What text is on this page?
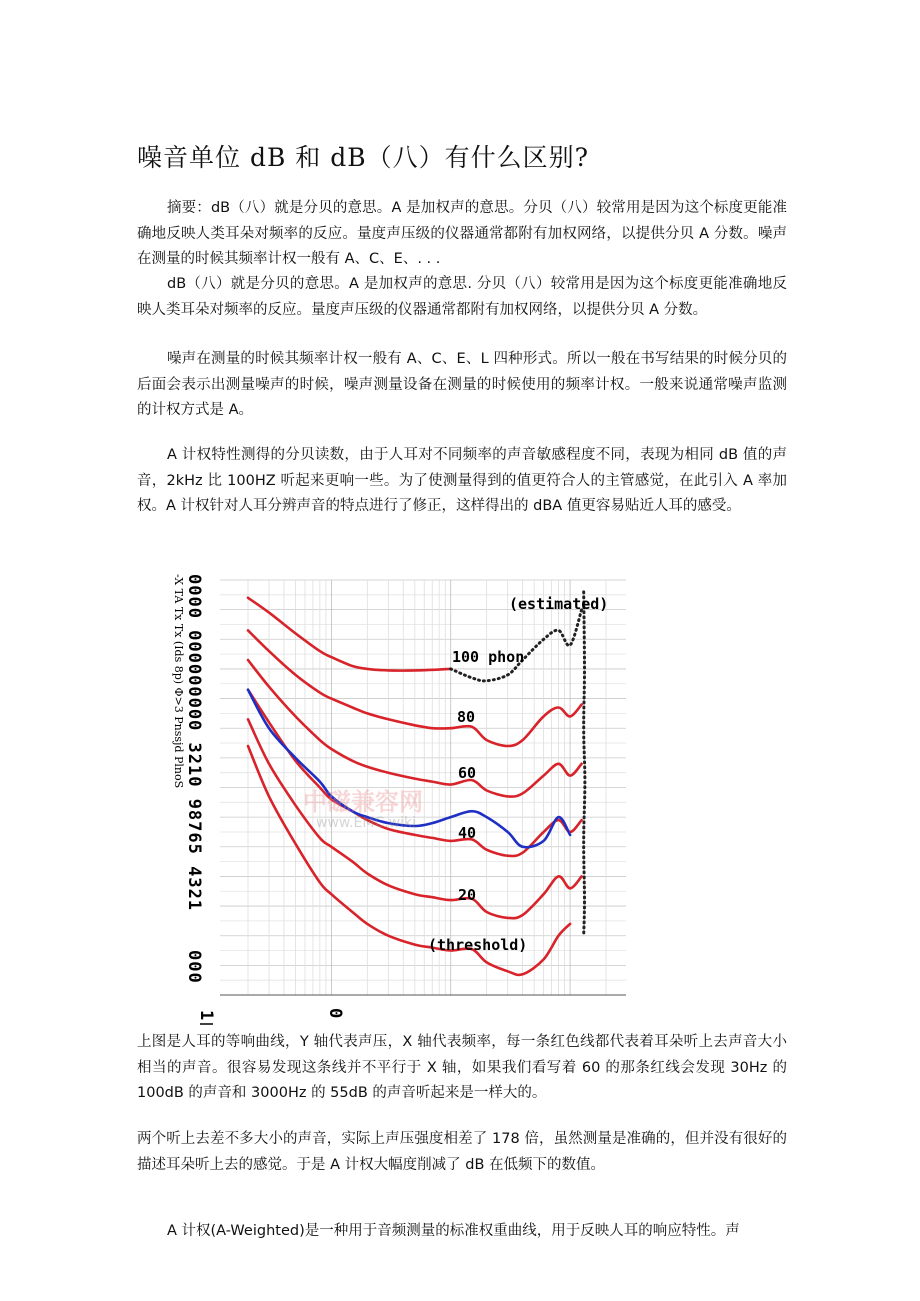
噪音单位 dB 和 dB（八）有什么区别?

摘要：dB（八）就是分贝的意思。A 是加权声的意思。分贝（八）较常用是因为这个标度更能准确地反映人类耳朵对频率的反应。量度声压级的仪器通常都附有加权网络，以提供分贝 A 分数。噪声在测量的时候其频率计权一般有 A、C、E、. . .

dB（八）就是分贝的意思。A 是加权声的意思. 分贝（八）较常用是因为这个标度更能准确地反映人类耳朵对频率的反应。量度声压级的仪器通常都附有加权网络，以提供分贝 A 分数。

噪声在测量的时候其频率计权一般有 A、C、E、L 四种形式。所以一般在书写结果的时候分贝的后面会表示出测量噪声的时候，噪声测量设备在测量的时候使用的频率计权。一般来说通常噪声监测的计权方式是 A。

A 计权特性测得的分贝读数，由于人耳对不同频率的声音敏感程度不同，表现为相同 dB 值的声音，2kHz 比 100HZ 听起来更响一些。为了使测量得到的值更符合人的主管感觉，在此引入 A 率加权。A 计权针对人耳分辨声音的特点进行了修正，这样得出的 dBA 值更容易贴近人耳的感受。

0000 000000000 3210 98765 4321
000
-X TA Tx Tx (Ids 8p) Φ>3 Pnssjd PlnoS
中磁兼容网
www.EMC.wiki
(estimated)
100 phon
80
60
40
20
(threshold)
1	0

上图是人耳的等响曲线，Y 轴代表声压，X 轴代表频率，每一条红色线都代表着耳朵听上去声音大小相当的声音。很容易发现这条线并不平行于 X 轴，如果我们看写着 60 的那条红线会发现 30Hz 的 100dB 的声音和 3000Hz 的 55dB 的声音听起来是一样大的。

两个听上去差不多大小的声音，实际上声压强度相差了 178 倍，虽然测量是准确的，但并没有很好的描述耳朵听上去的感觉。于是 A 计权大幅度削减了 dB 在低频下的数值。

A 计权(A-Weighted)是一种用于音频测量的标准权重曲线，用于反映人耳的响应特性。声
